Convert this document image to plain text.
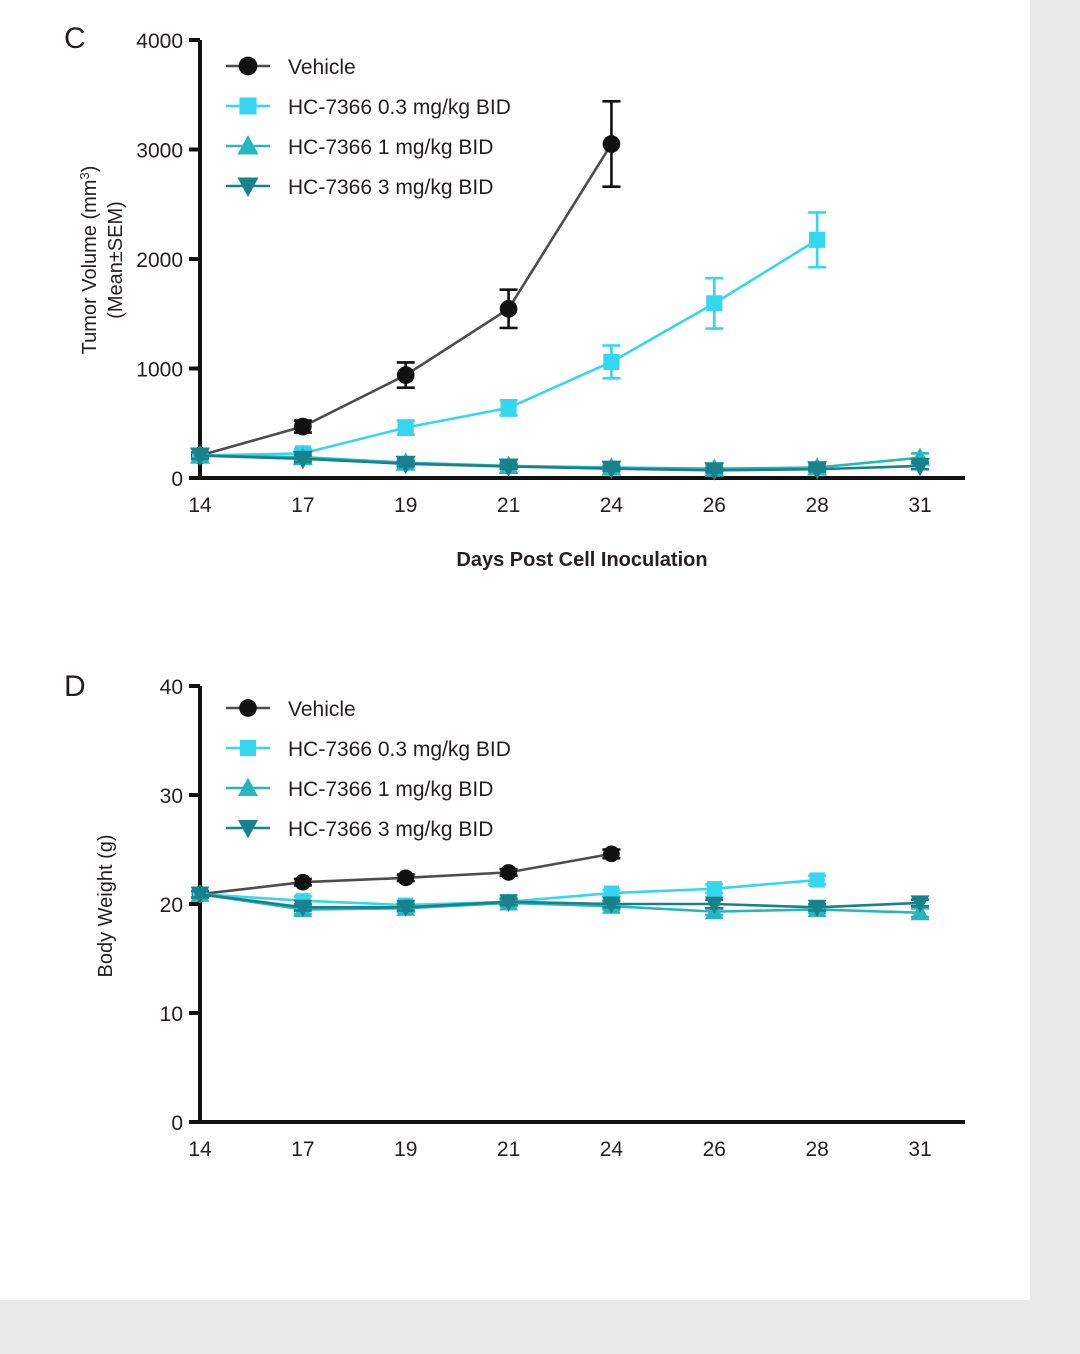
C
0
1000
2000
3000
4000
14	17	19	21	24	26	28	31
Vehicle
HC-7366 0.3 mg/kg BID
HC-7366 1 mg/kg BID
HC-7366 3 mg/kg BID
Tumor Volume $(mm^3)$
(Mean±SEM)
Days Post Cell Inoculation
D
0
10
20
30
40
14	17	19	21	24	26	28	31
Vehicle
HC-7366 0.3 mg/kg BID
HC-7366 1 mg/kg BID
HC-7366 3 mg/kg BID
Body Weight (g)
